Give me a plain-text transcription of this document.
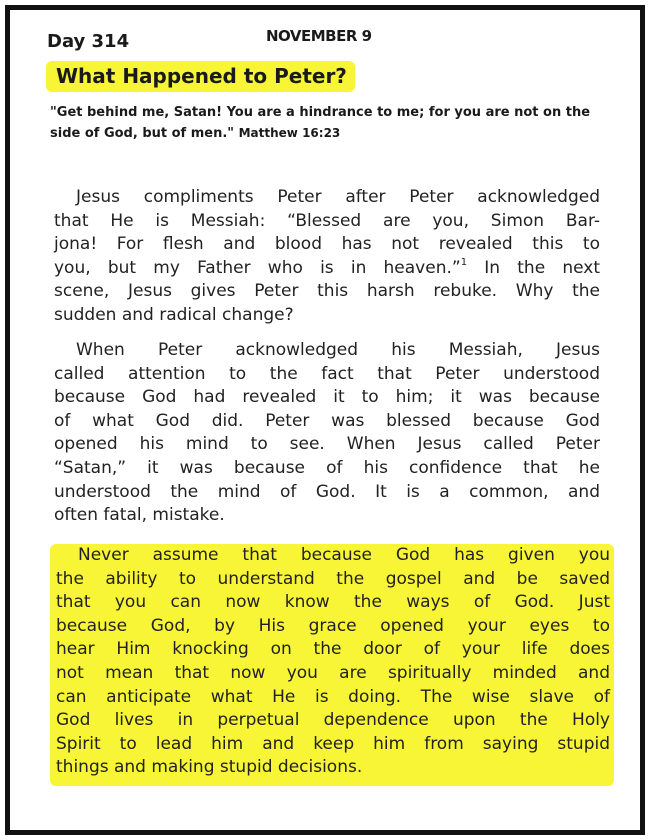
Day 314	NOVEMBER 9
What Happened to Peter?
"Get behind me, Satan! You are a hindrance to me; for you are not on the side of God, but of men." Matthew 16:23
Jesus compliments Peter after Peter acknowledged
that He is Messiah: “Blessed are you, Simon Bar-
jona! For flesh and blood has not revealed this to
you, but my Father who is in heaven.”$^1$ In the next
scene, Jesus gives Peter this harsh rebuke. Why the
sudden and radical change?
When Peter acknowledged his Messiah, Jesus
called attention to the fact that Peter understood
because God had revealed it to him; it was because
of what God did. Peter was blessed because God
opened his mind to see. When Jesus called Peter
“Satan,” it was because of his confidence that he
understood the mind of God. It is a common, and
often fatal, mistake.
Never assume that because God has given you
the ability to understand the gospel and be saved
that you can now know the ways of God. Just
because God, by His grace opened your eyes to
hear Him knocking on the door of your life does
not mean that now you are spiritually minded and
can anticipate what He is doing. The wise slave of
God lives in perpetual dependence upon the Holy
Spirit to lead him and keep him from saying stupid
things and making stupid decisions.
